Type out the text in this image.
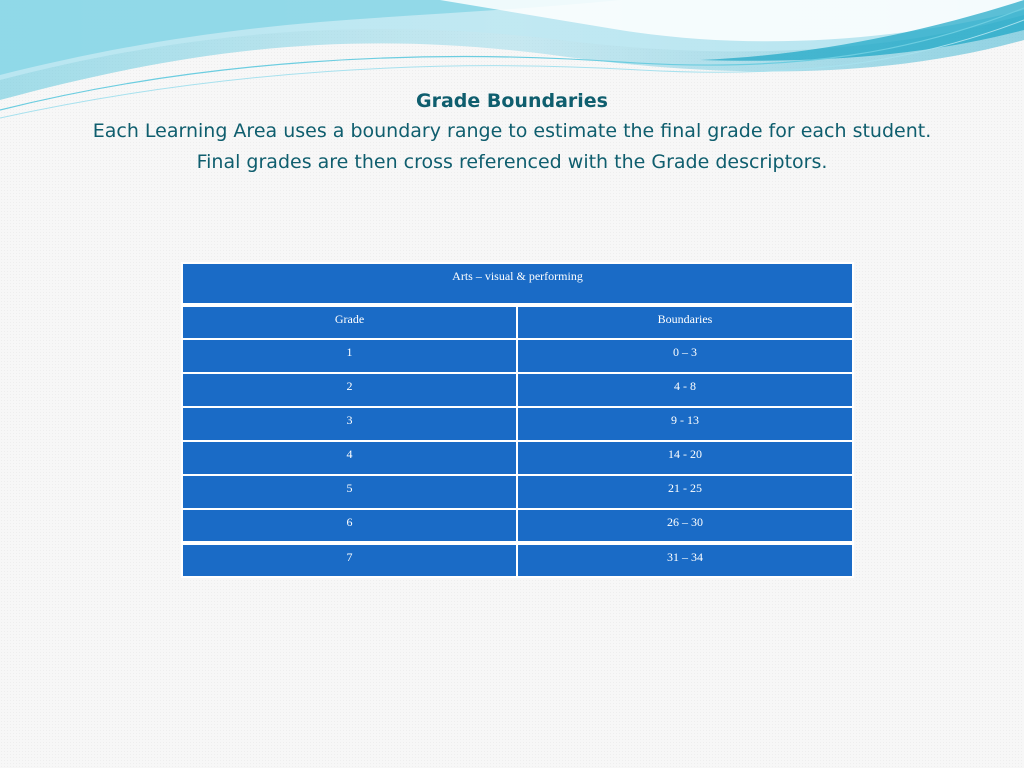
Grade Boundaries
Each Learning Area uses a boundary range to estimate the final grade for each student.
Final grades are then cross referenced with the Grade descriptors.
Arts – visual & performing	
Grade	Boundaries
1	0 – 3
2	4 - 8
3	9 - 13
4	14 - 20
5	21 - 25
6	26 – 30
7	31 – 34
